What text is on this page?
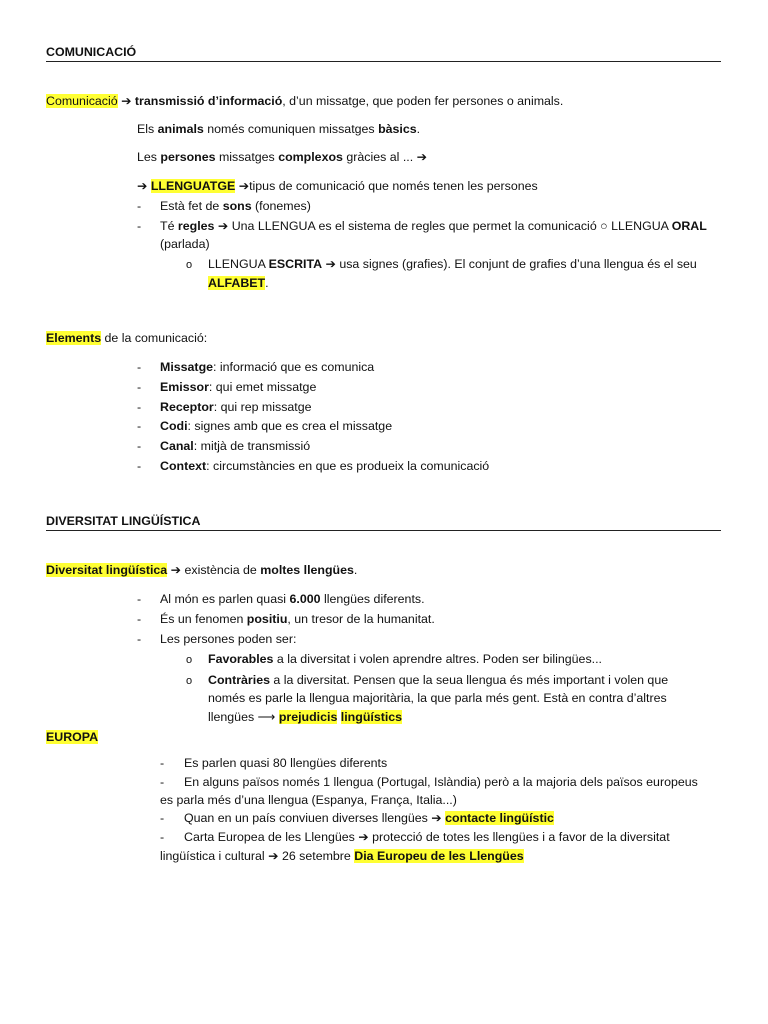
COMUNICACIÓ
Comunicació ➔ transmissió d’informació, d’un missatge, que poden fer persones o animals.
Els animals només comuniquen missatges bàsics.
Les persones missatges complexos gràcies al ... ➔
➔ LLENGUATGE ➔tipus de comunicació que només tenen les persones
-	Està fet de sons (fonemes)
-	Té regles ➔ Una LLENGUA es el sistema de regles que permet la comunicació ○ LLENGUA ORAL
(parlada)
o LLENGUA ESCRITA ➔ usa signes (grafies). El conjunt de grafies d’una llengua és el seu
ALFABET.
Elements de la comunicació:
-	Missatge: informació que es comunica
-	Emissor: qui emet missatge
-	Receptor: qui rep missatge
-	Codi: signes amb que es crea el missatge
-	Canal: mitjà de transmissió
-	Context: circumstàncies en que es produeix la comunicació
DIVERSITAT LINGÜÍSTICA
Diversitat lingüística ➔ existència de moltes llengües.
-	Al món es parlen quasi 6.000 llengües diferents.
-	És un fenomen positiu, un tresor de la humanitat.
-	Les persones poden ser:
o Favorables a la diversitat i volen aprendre altres. Poden ser bilingües...
o Contràries a la diversitat. Pensen que la seua llengua és més important i volen que
només es parle la llengua majoritària, la que parla més gent. Està en contra d’altres
llengües ⟶ prejudicis lingüístics
EUROPA
-	Es parlen quasi 80 llengües diferents
-	En alguns països només 1 llengua (Portugal, Islàndia) però a la majoria dels països europeus
es parla més d’una llengua (Espanya, França, Italia...)
-	Quan en un país conviuen diverses llengües ➔ contacte lingüístic
-	Carta Europea de les Llengües ➔ protecció de totes les llengües i a favor de la diversitat
lingüística i cultural ➔ 26 setembre Dia Europeu de les Llengües
